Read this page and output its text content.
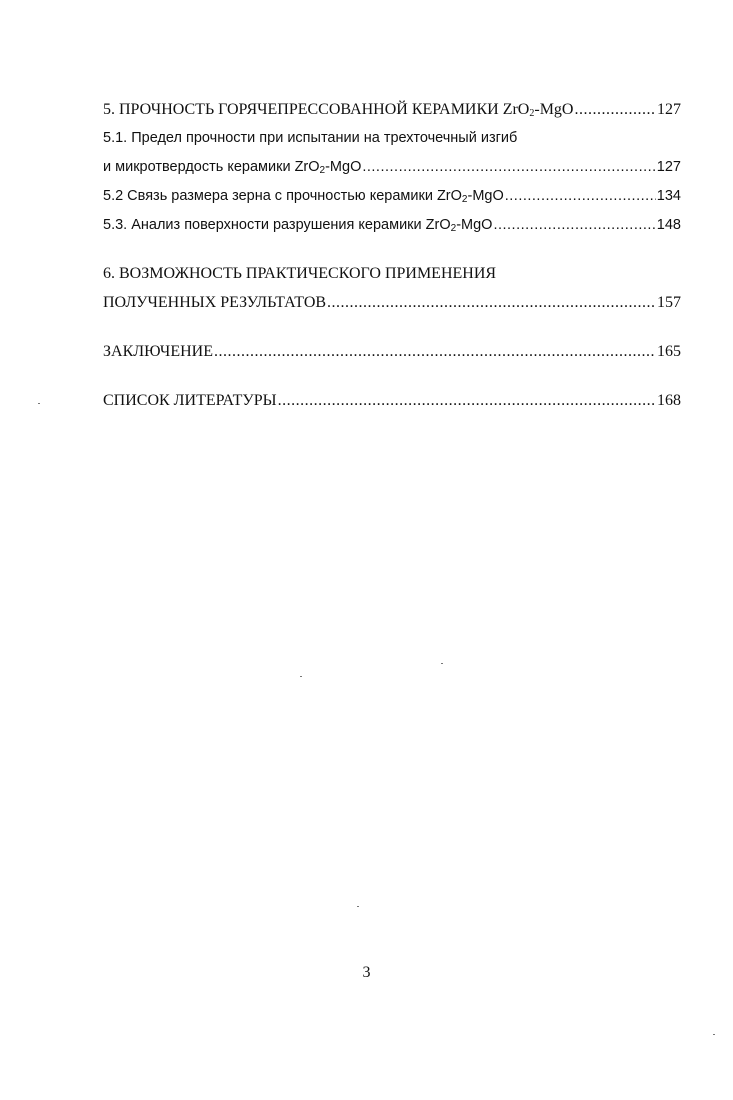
5. ПРОЧНОСТЬ ГОРЯЧЕПРЕССОВАННОЙ КЕРАМИКИ ZrO$_2$-MgO .....	127
5.1. Предел прочности при испытании на трехточечный изгиб
и микротвердость керамики ZrO$_2$-MgO .....	127
5.2 Связь размера зерна с прочностью керамики ZrO$_2$-MgO .....	134
5.3. Анализ поверхности разрушения керамики ZrO$_2$-MgO .....	148
6. ВОЗМОЖНОСТЬ ПРАКТИЧЕСКОГО ПРИМЕНЕНИЯ
ПОЛУЧЕННЫХ РЕЗУЛЬТАТОВ .....	157
ЗАКЛЮЧЕНИЕ .....	165
СПИСОК ЛИТЕРАТУРЫ .....	168
3
